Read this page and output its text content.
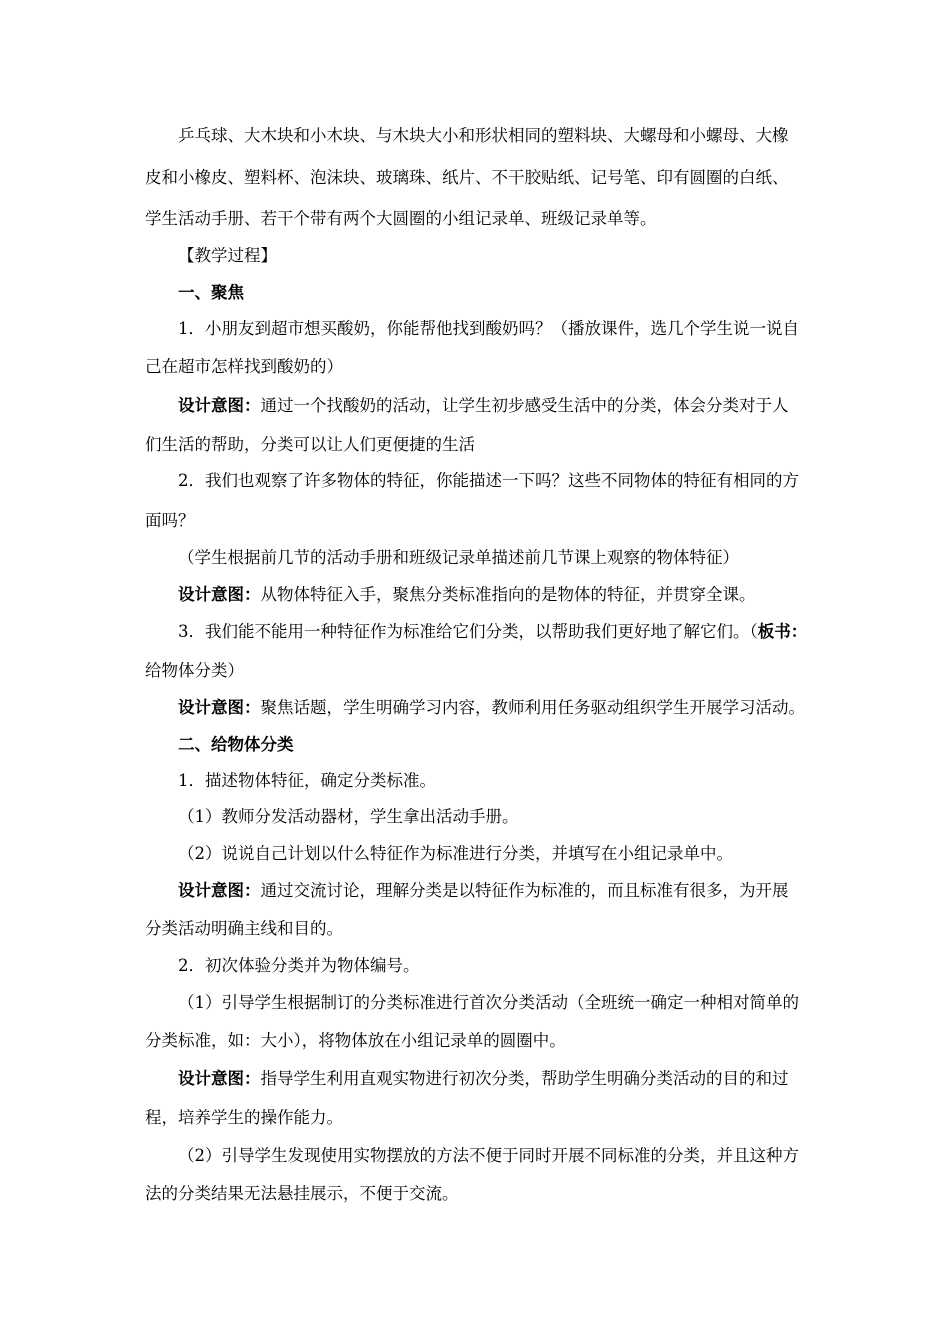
乒乓球、大木块和小木块、与木块大小和形状相同的塑料块、大螺母和小螺母、大橡
皮和小橡皮、塑料杯、泡沫块、玻璃珠、纸片、不干胶贴纸、记号笔、印有圆圈的白纸、
学生活动手册、若干个带有两个大圆圈的小组记录单、班级记录单等。
【教学过程】
一、聚焦
1．小朋友到超市想买酸奶，你能帮他找到酸奶吗？（播放课件，选几个学生说一说自
己在超市怎样找到酸奶的）
设计意图：通过一个找酸奶的活动，让学生初步感受生活中的分类，体会分类对于人
们生活的帮助，分类可以让人们更便捷的生活
2．我们也观察了许多物体的特征，你能描述一下吗？这些不同物体的特征有相同的方
面吗？
（学生根据前几节的活动手册和班级记录单描述前几节课上观察的物体特征）
设计意图：从物体特征入手，聚焦分类标准指向的是物体的特征，并贯穿全课。
3．我们能不能用一种特征作为标准给它们分类，以帮助我们更好地了解它们。（板书：
给物体分类）
设计意图：聚焦话题，学生明确学习内容，教师利用任务驱动组织学生开展学习活动。
二、给物体分类
1．描述物体特征，确定分类标准。
（1）教师分发活动器材，学生拿出活动手册。
（2）说说自己计划以什么特征作为标准进行分类，并填写在小组记录单中。
设计意图：通过交流讨论，理解分类是以特征作为标准的，而且标准有很多，为开展
分类活动明确主线和目的。
2．初次体验分类并为物体编号。
（1）引导学生根据制订的分类标准进行首次分类活动（全班统一确定一种相对简单的
分类标准，如：大小），将物体放在小组记录单的圆圈中。
设计意图：指导学生利用直观实物进行初次分类，帮助学生明确分类活动的目的和过
程，培养学生的操作能力。
（2）引导学生发现使用实物摆放的方法不便于同时开展不同标准的分类，并且这种方
法的分类结果无法悬挂展示，不便于交流。
